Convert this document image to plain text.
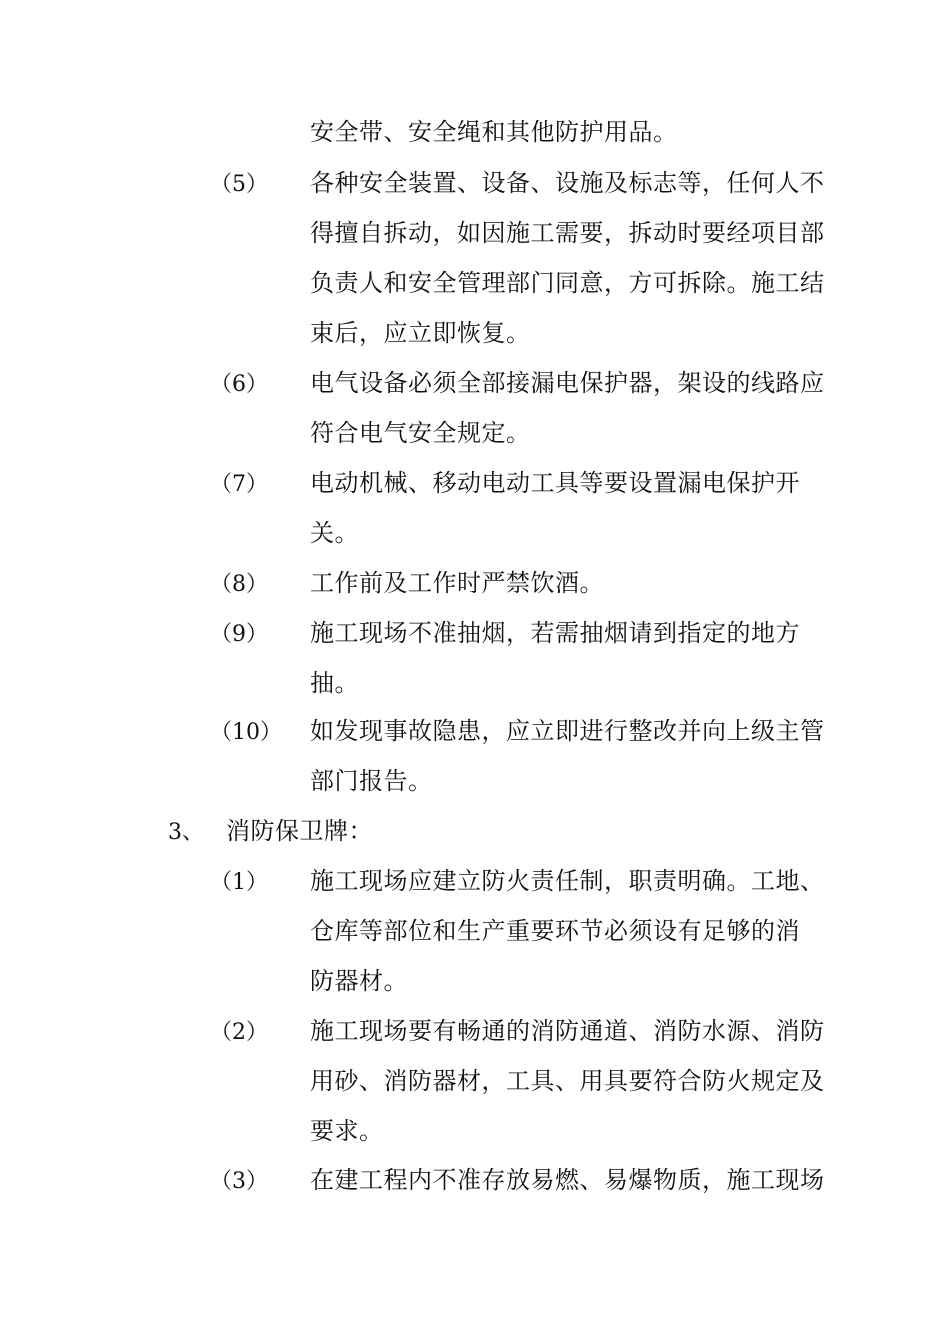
安全带、安全绳和其他防护用品。
（5） 各种安全装置、设备、设施及标志等，任何人不
得擅自拆动，如因施工需要，拆动时要经项目部
负责人和安全管理部门同意，方可拆除。施工结
束后，应立即恢复。
（6） 电气设备必须全部接漏电保护器，架设的线路应
符合电气安全规定。
（7） 电动机械、移动电动工具等要设置漏电保护开
关。
（8） 工作前及工作时严禁饮酒。
（9） 施工现场不准抽烟，若需抽烟请到指定的地方
抽。
（10） 如发现事故隐患，应立即进行整改并向上级主管
部门报告。
3、 消防保卫牌：
（1） 施工现场应建立防火责任制，职责明确。工地、
仓库等部位和生产重要环节必须设有足够的消
防器材。
（2） 施工现场要有畅通的消防通道、消防水源、消防
用砂、消防器材，工具、用具要符合防火规定及
要求。
（3） 在建工程内不准存放易燃、易爆物质，施工现场
